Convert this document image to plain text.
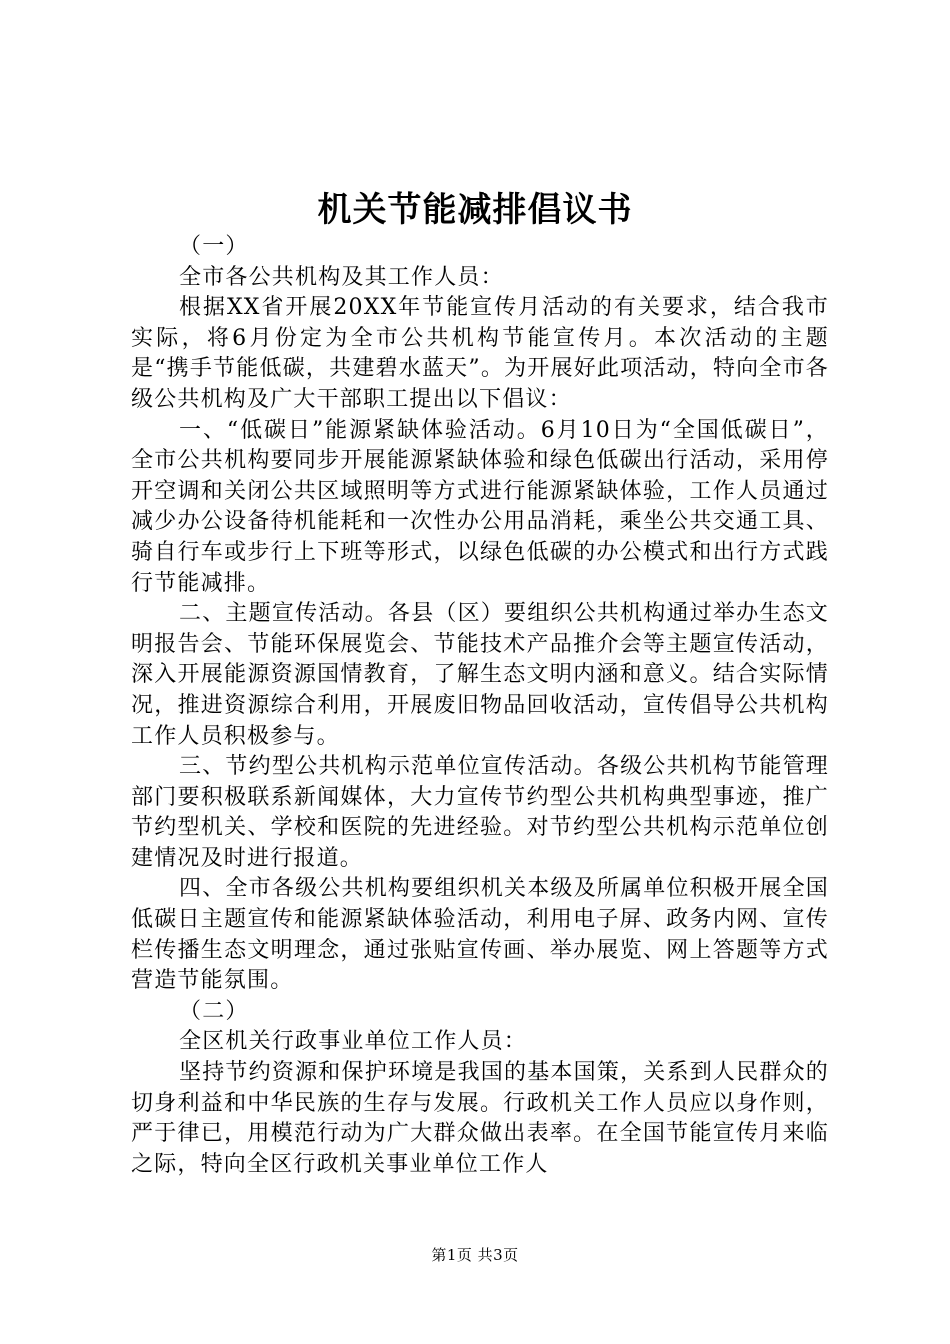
机关节能减排倡议书

（一）

全市各公共机构及其工作人员：

根据XX省开展20XX年节能宣传月活动的有关要求，结合我市实际，将6月份定为全市公共机构节能宣传月。本次活动的主题是“携手节能低碳，共建碧水蓝天”。为开展好此项活动，特向全市各级公共机构及广大干部职工提出以下倡议：

一、“低碳日”能源紧缺体验活动。6月10日为“全国低碳日”，全市公共机构要同步开展能源紧缺体验和绿色低碳出行活动，采用停开空调和关闭公共区域照明等方式进行能源紧缺体验，工作人员通过减少办公设备待机能耗和一次性办公用品消耗，乘坐公共交通工具、骑自行车或步行上下班等形式，以绿色低碳的办公模式和出行方式践行节能减排。

二、主题宣传活动。各县（区）要组织公共机构通过举办生态文明报告会、节能环保展览会、节能技术产品推介会等主题宣传活动，深入开展能源资源国情教育，了解生态文明内涵和意义。结合实际情况，推进资源综合利用，开展废旧物品回收活动，宣传倡导公共机构工作人员积极参与。

三、节约型公共机构示范单位宣传活动。各级公共机构节能管理部门要积极联系新闻媒体，大力宣传节约型公共机构典型事迹，推广节约型机关、学校和医院的先进经验。对节约型公共机构示范单位创建情况及时进行报道。

四、全市各级公共机构要组织机关本级及所属单位积极开展全国低碳日主题宣传和能源紧缺体验活动，利用电子屏、政务内网、宣传栏传播生态文明理念，通过张贴宣传画、举办展览、网上答题等方式营造节能氛围。

（二）

全区机关行政事业单位工作人员：

坚持节约资源和保护环境是我国的基本国策，关系到人民群众的切身利益和中华民族的生存与发展。行政机关工作人员应以身作则，严于律已，用模范行动为广大群众做出表率。在全国节能宣传月来临之际，特向全区行政机关事业单位工作人

第1页 共3页
